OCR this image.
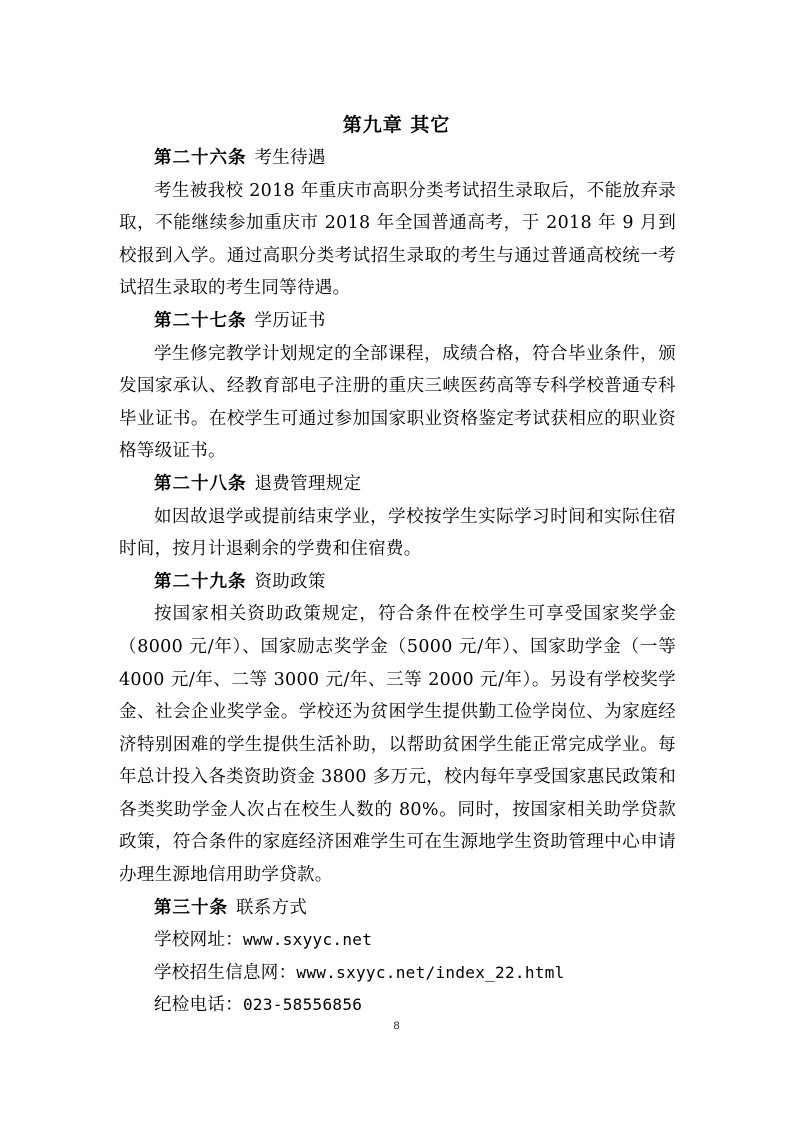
第九章 其它

第二十六条 考生待遇

考生被我校 2018 年重庆市高职分类考试招生录取后，不能放弃录取，不能继续参加重庆市 2018 年全国普通高考，于 2018 年 9 月到校报到入学。通过高职分类考试招生录取的考生与通过普通高校统一考试招生录取的考生同等待遇。

第二十七条 学历证书

学生修完教学计划规定的全部课程，成绩合格，符合毕业条件，颁发国家承认、经教育部电子注册的重庆三峡医药高等专科学校普通专科毕业证书。在校学生可通过参加国家职业资格鉴定考试获相应的职业资格等级证书。

第二十八条 退费管理规定

如因故退学或提前结束学业，学校按学生实际学习时间和实际住宿时间，按月计退剩余的学费和住宿费。

第二十九条 资助政策

按国家相关资助政策规定，符合条件在校学生可享受国家奖学金（8000 元/年）、国家励志奖学金（5000 元/年）、国家助学金（一等 4000 元/年、二等 3000 元/年、三等 2000 元/年）。另设有学校奖学金、社会企业奖学金。学校还为贫困学生提供勤工俭学岗位、为家庭经济特别困难的学生提供生活补助，以帮助贫困学生能正常完成学业。每年总计投入各类资助资金 3800 多万元，校内每年享受国家惠民政策和各类奖助学金人次占在校生人数的 80%。同时，按国家相关助学贷款政策，符合条件的家庭经济困难学生可在生源地学生资助管理中心申请办理生源地信用助学贷款。

第三十条 联系方式

学校网址：www.sxyyc.net

学校招生信息网：www.sxyyc.net/index_22.html

纪检电话：023-58556856

8
